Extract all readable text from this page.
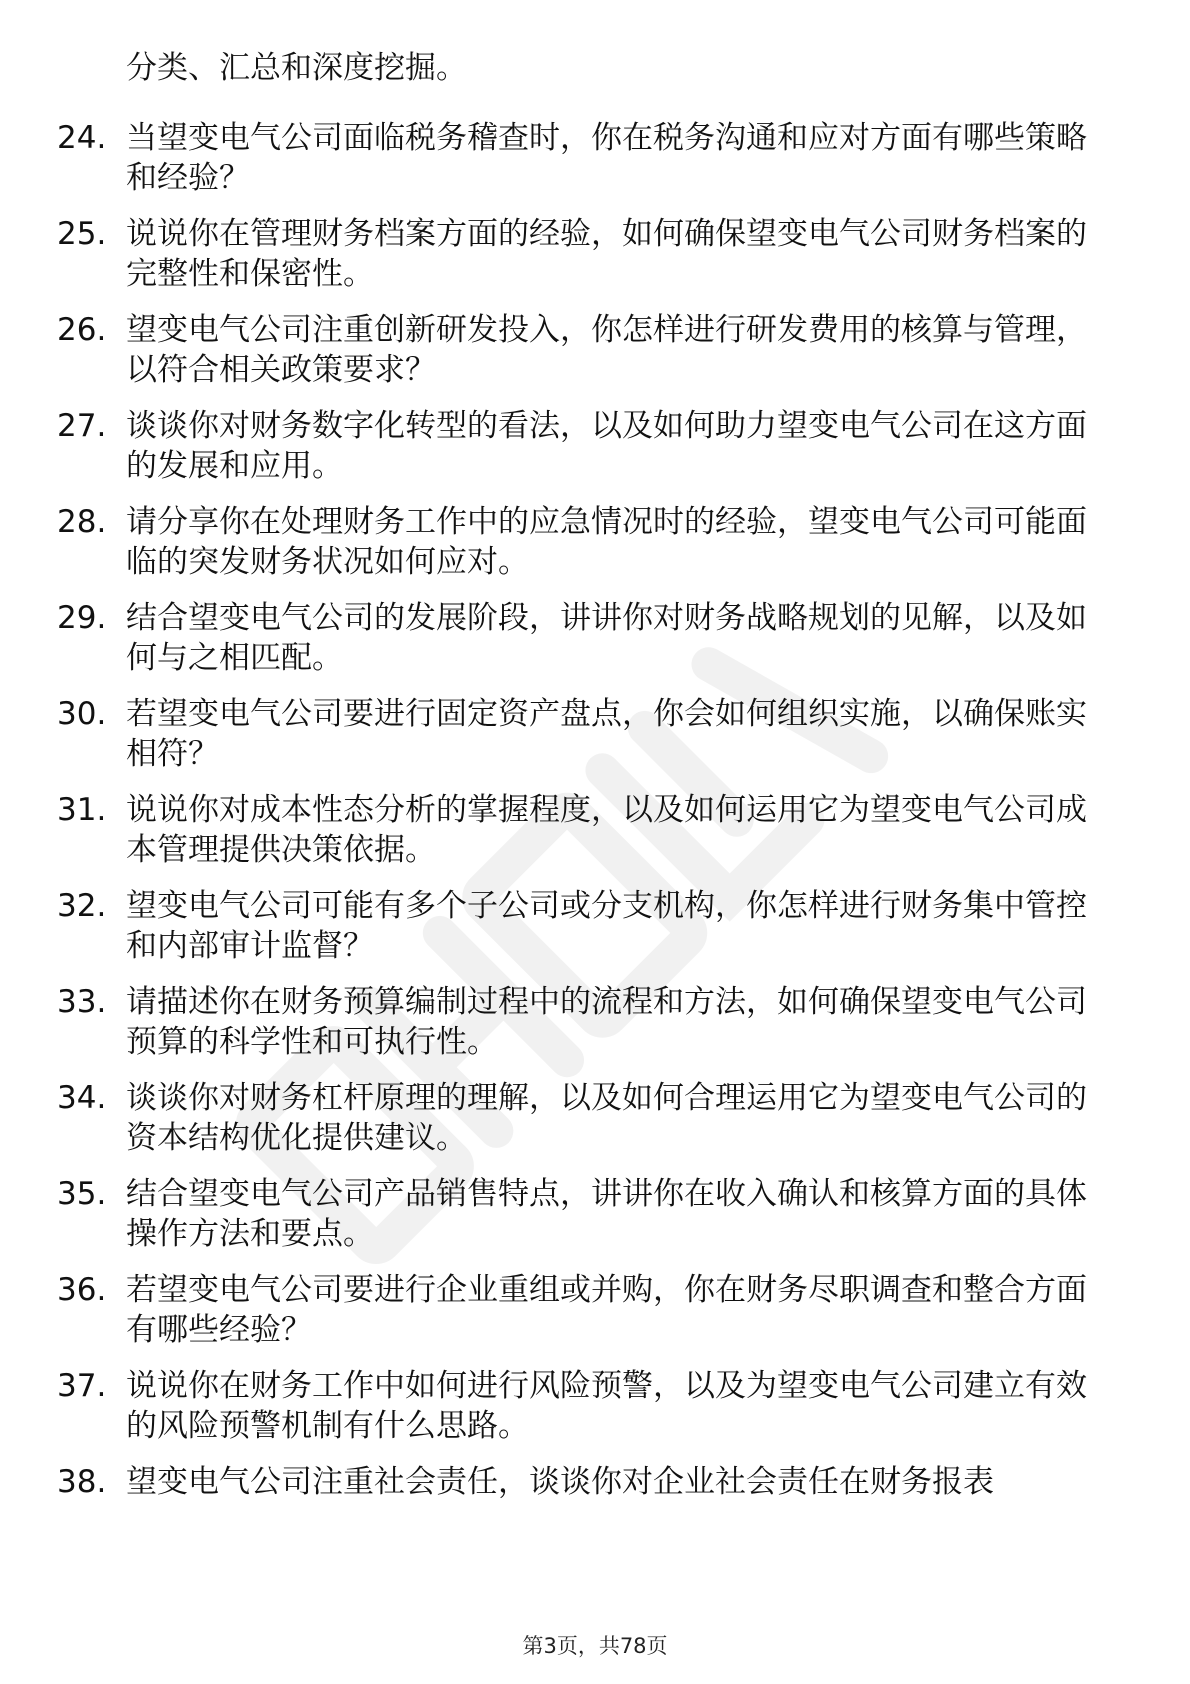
分类、汇总和深度挖掘。
24. 当望变电气公司面临税务稽查时，你在税务沟通和应对方面有哪些策略和经验？
25. 说说你在管理财务档案方面的经验，如何确保望变电气公司财务档案的完整性和保密性。
26. 望变电气公司注重创新研发投入，你怎样进行研发费用的核算与管理，以符合相关政策要求？
27. 谈谈你对财务数字化转型的看法，以及如何助力望变电气公司在这方面的发展和应用。
28. 请分享你在处理财务工作中的应急情况时的经验，望变电气公司可能面临的突发财务状况如何应对。
29. 结合望变电气公司的发展阶段，讲讲你对财务战略规划的见解，以及如何与之相匹配。
30. 若望变电气公司要进行固定资产盘点，你会如何组织实施，以确保账实相符？
31. 说说你对成本性态分析的掌握程度，以及如何运用它为望变电气公司成本管理提供决策依据。
32. 望变电气公司可能有多个子公司或分支机构，你怎样进行财务集中管控和内部审计监督？
33. 请描述你在财务预算编制过程中的流程和方法，如何确保望变电气公司预算的科学性和可执行性。
34. 谈谈你对财务杠杆原理的理解，以及如何合理运用它为望变电气公司的资本结构优化提供建议。
35. 结合望变电气公司产品销售特点，讲讲你在收入确认和核算方面的具体操作方法和要点。
36. 若望变电气公司要进行企业重组或并购，你在财务尽职调查和整合方面有哪些经验？
37. 说说你在财务工作中如何进行风险预警，以及为望变电气公司建立有效的风险预警机制有什么思路。
38. 望变电气公司注重社会责任，谈谈你对企业社会责任在财务报表
第3页，共78页
